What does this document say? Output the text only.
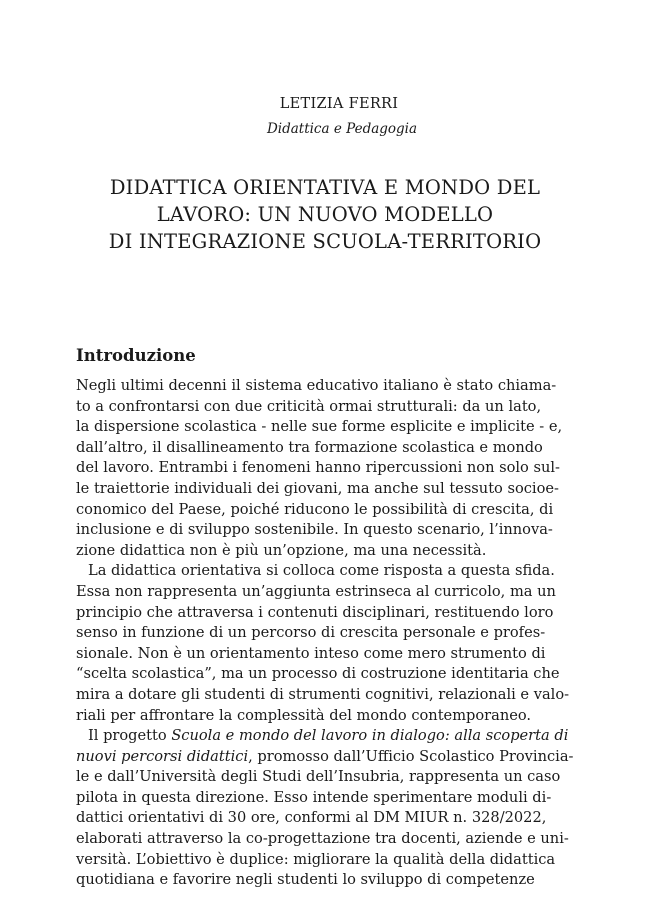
LETIZIA FERRI
Didattica e Pedagogia
DIDATTICA ORIENTATIVA E MONDO DEL
LAVORO: UN NUOVO MODELLO
DI INTEGRAZIONE SCUOLA-TERRITORIO
Introduzione
Negli ultimi decenni il sistema educativo italiano è stato chiama-
to a confrontarsi con due criticità ormai strutturali: da un lato,
la dispersione scolastica - nelle sue forme esplicite e implicite - e,
dall’altro, il disallineamento tra formazione scolastica e mondo
del lavoro. Entrambi i fenomeni hanno ripercussioni non solo sul-
le traiettorie individuali dei giovani, ma anche sul tessuto socioe-
conomico del Paese, poiché riducono le possibilità di crescita, di
inclusione e di sviluppo sostenibile. In questo scenario, l’innova-
zione didattica non è più un’opzione, ma una necessità.
La didattica orientativa si colloca come risposta a questa sfida.
Essa non rappresenta un’aggiunta estrinseca al curricolo, ma un
principio che attraversa i contenuti disciplinari, restituendo loro
senso in funzione di un percorso di crescita personale e profes-
sionale. Non è un orientamento inteso come mero strumento di
“scelta scolastica”, ma un processo di costruzione identitaria che
mira a dotare gli studenti di strumenti cognitivi, relazionali e valo-
riali per affrontare la complessità del mondo contemporaneo.
Il progetto Scuola e mondo del lavoro in dialogo: alla scoperta di
nuovi percorsi didattici, promosso dall’Ufficio Scolastico Provincia-
le e dall’Università degli Studi dell’Insubria, rappresenta un caso
pilota in questa direzione. Esso intende sperimentare moduli di-
dattici orientativi di 30 ore, conformi al DM MIUR n. 328/2022,
elaborati attraverso la co-progettazione tra docenti, aziende e uni-
versità. L’obiettivo è duplice: migliorare la qualità della didattica
quotidiana e favorire negli studenti lo sviluppo di competenze
